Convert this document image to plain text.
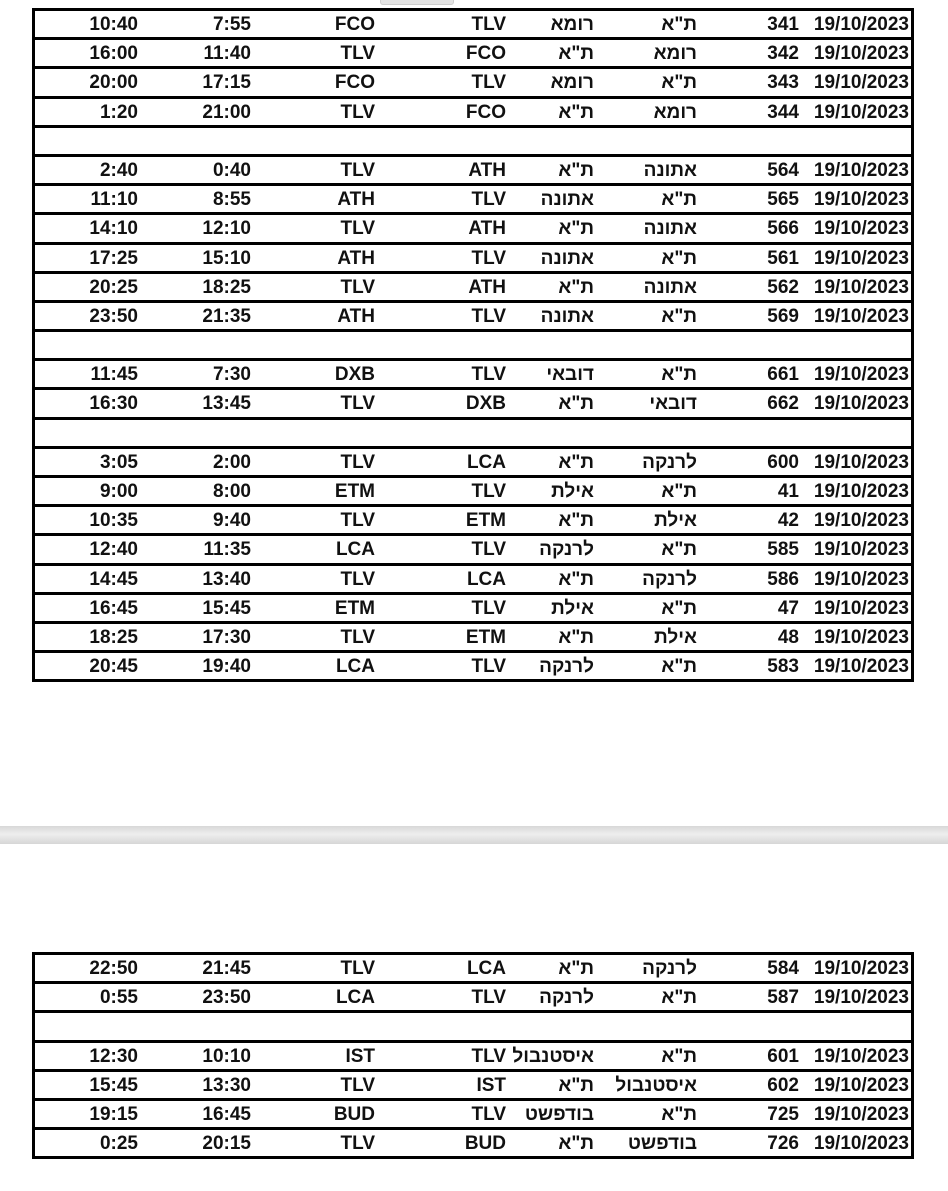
10:40	7:55	FCO	TLV רומא	ת"א	341 19/10/2023
16:00	11:40	TLV	FCO	ת"א	רומא	342 19/10/2023
20:00	17:15	FCO	TLV רומא	ת"א	343 19/10/2023
1:20	21:00	TLV	FCO	ת"א	רומא	344 19/10/2023
2:40	0:40	TLV	ATH	ת"א	אתונה	564 19/10/2023
11:10	8:55	ATH	TLV אתונה	ת"א	565 19/10/2023
14:10	12:10	TLV	ATH	ת"א	אתונה	566 19/10/2023
17:25	15:10	ATH	TLV אתונה	ת"א	561 19/10/2023
20:25	18:25	TLV	ATH	ת"א	אתונה	562 19/10/2023
23:50	21:35	ATH	TLV אתונה	ת"א	569 19/10/2023
11:45	7:30	DXB	TLV דובאי	ת"א	661 19/10/2023
16:30	13:45	TLV	DXB	ת"א	דובאי	662 19/10/2023
3:05	2:00	TLV	LCA	ת"א	לרנקה	600 19/10/2023
9:00	8:00	ETM	TLV אילת	ת"א	41 19/10/2023
10:35	9:40	TLV	ETM	ת"א	אילת	42 19/10/2023
12:40	11:35	LCA	TLV לרנקה	ת"א	585 19/10/2023
14:45	13:40	TLV	LCA	ת"א	לרנקה	586 19/10/2023
16:45	15:45	ETM	TLV אילת	ת"א	47 19/10/2023
18:25	17:30	TLV	ETM	ת"א	אילת	48 19/10/2023
20:45	19:40	LCA	TLV לרנקה	ת"א	583 19/10/2023
22:50	21:45	TLV	LCA	ת"א	לרנקה	584 19/10/2023
0:55	23:50	LCA	TLV לרנקה	ת"א	587 19/10/2023
12:30	10:10	IST	TLV איסטנבול	ת"א	601 19/10/2023
15:45	13:30	TLV	IST	ת"א איסטנבול	602 19/10/2023
19:15	16:45	BUD	TLV בודפשט	ת"א	725 19/10/2023
0:25	20:15	TLV	BUD	ת"א בודפשט	726 19/10/2023
